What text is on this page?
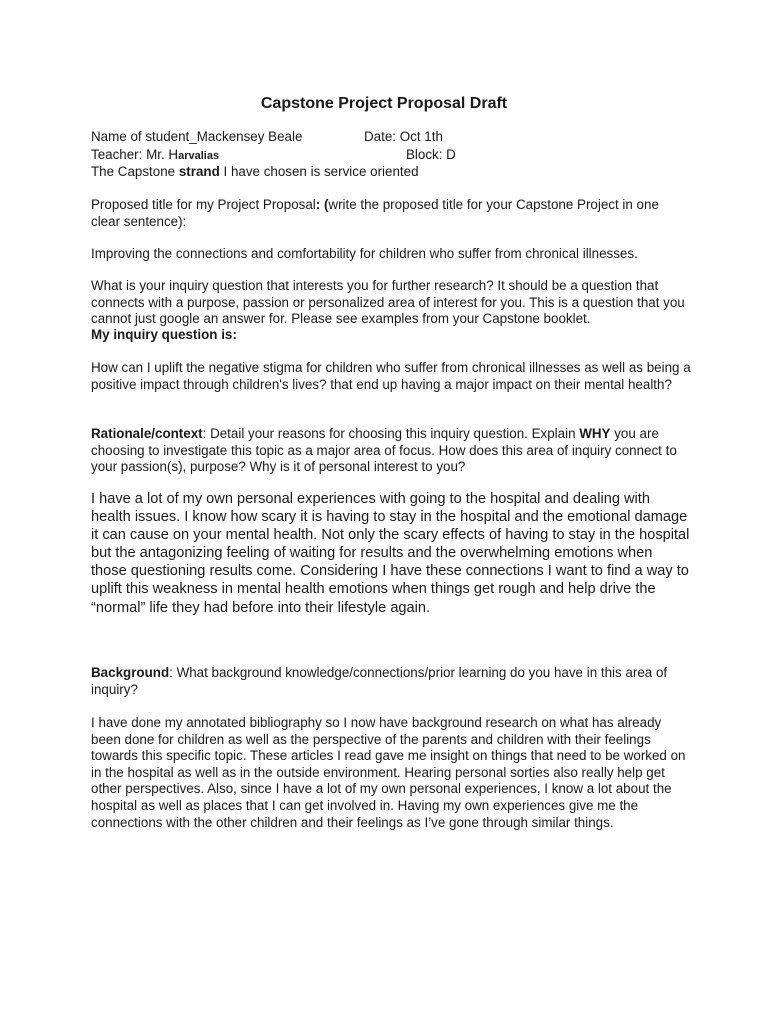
Capstone Project Proposal Draft
Name of student_Mackensey Beale	Date: Oct 1th
Teacher: Mr. Harvalias	Block: D
The Capstone strand I have chosen is service oriented

Proposed title for my Project Proposal: (write the proposed title for your Capstone Project in one clear sentence):

Improving the connections and comfortability for children who suffer from chronical illnesses.

What is your inquiry question that interests you for further research? It should be a question that connects with a purpose, passion or personalized area of interest for you. This is a question that you cannot just google an answer for. Please see examples from your Capstone booklet.

My inquiry question is:

How can I uplift the negative stigma for children who suffer from chronical illnesses as well as being a positive impact through children's lives? that end up having a major impact on their mental health?

Rationale/context: Detail your reasons for choosing this inquiry question. Explain WHY you are choosing to investigate this topic as a major area of focus. How does this area of inquiry connect to your passion(s), purpose? Why is it of personal interest to you?

I have a lot of my own personal experiences with going to the hospital and dealing with health issues. I know how scary it is having to stay in the hospital and the emotional damage it can cause on your mental health. Not only the scary effects of having to stay in the hospital but the antagonizing feeling of waiting for results and the overwhelming emotions when those questioning results come. Considering I have these connections I want to find a way to uplift this weakness in mental health emotions when things get rough and help drive the “normal” life they had before into their lifestyle again.

Background: What background knowledge/connections/prior learning do you have in this area of inquiry?

I have done my annotated bibliography so I now have background research on what has already been done for children as well as the perspective of the parents and children with their feelings towards this specific topic. These articles I read gave me insight on things that need to be worked on in the hospital as well as in the outside environment. Hearing personal sorties also really help get other perspectives. Also, since I have a lot of my own personal experiences, I know a lot about the hospital as well as places that I can get involved in. Having my own experiences give me the connections with the other children and their feelings as I’ve gone through similar things.
